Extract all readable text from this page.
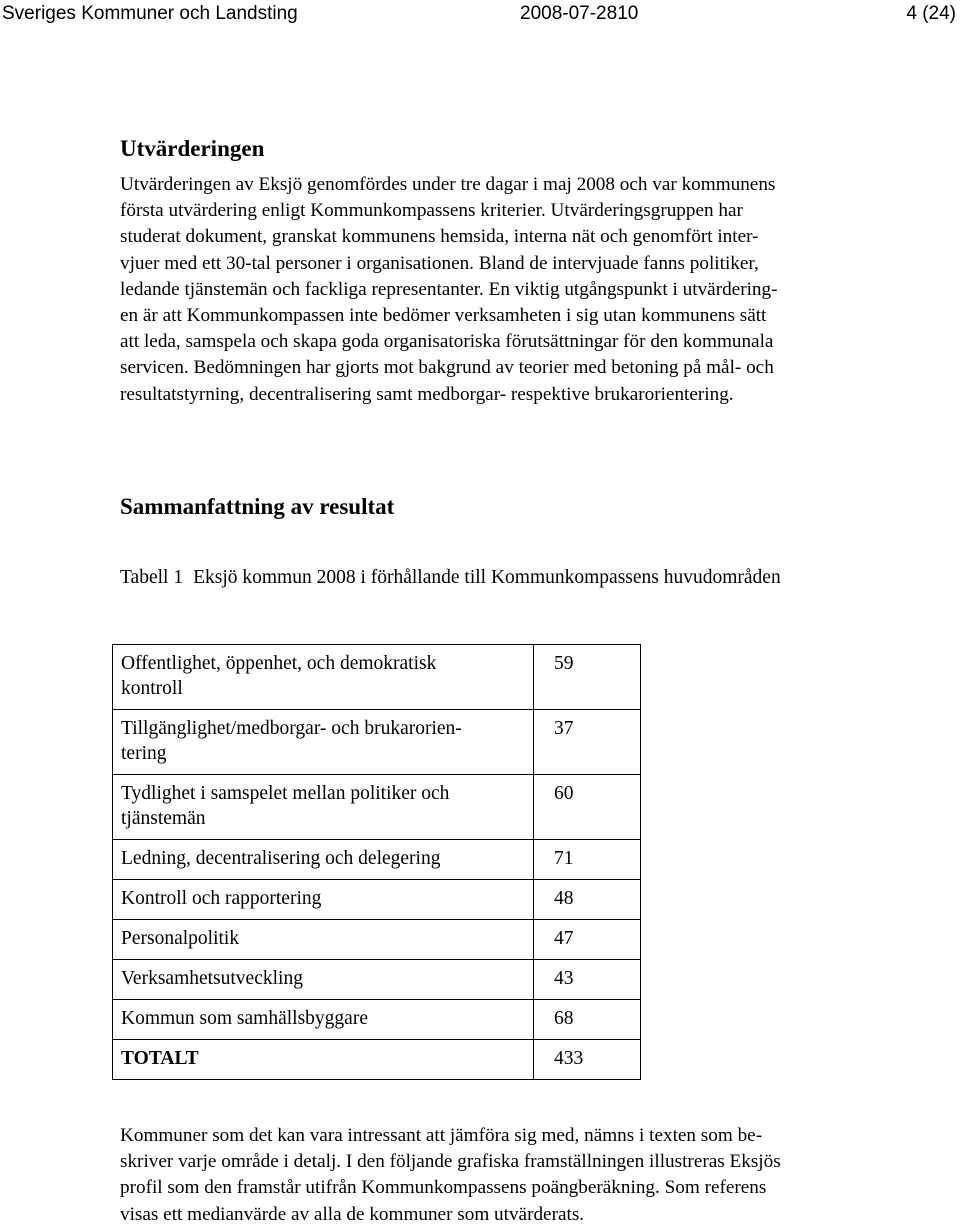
Sveriges Kommuner och Landsting	2008-07-2810	4 (24)
Utvärderingen

Utvärderingen av Eksjö genomfördes under tre dagar i maj 2008 och var kommunens
första utvärdering enligt Kommunkompassens kriterier. Utvärderingsgruppen har
studerat dokument, granskat kommunens hemsida, interna nät och genomfört inter-
vjuer med ett 30-tal personer i organisationen. Bland de intervjuade fanns politiker,
ledande tjänstemän och fackliga representanter. En viktig utgångspunkt i utvärdering-
en är att Kommunkompassen inte bedömer verksamheten i sig utan kommunens sätt
att leda, samspela och skapa goda organisatoriska förutsättningar för den kommunala
servicen. Bedömningen har gjorts mot bakgrund av teorier med betoning på mål- och
resultatstyrning, decentralisering samt medborgar- respektive brukarorientering.

Sammanfattning av resultat

Tabell 1 Eksjö kommun 2008 i förhållande till Kommunkompassens huvudområden

Offentlighet, öppenhet, och demokratisk
kontroll	59

Tillgänglighet/medborgar- och brukarorien-
tering	37

Tydlighet i samspelet mellan politiker och
tjänstemän	60

Ledning, decentralisering och delegering	71

Kontroll och rapportering	48

Personalpolitik	47

Verksamhetsutveckling	43

Kommun som samhällsbyggare	68
TOTALT	433

Kommuner som det kan vara intressant att jämföra sig med, nämns i texten som be-
skriver varje område i detalj. I den följande grafiska framställningen illustreras Eksjös
profil som den framstår utifrån Kommunkompassens poängberäkning. Som referens
visas ett medianvärde av alla de kommuner som utvärderats.
